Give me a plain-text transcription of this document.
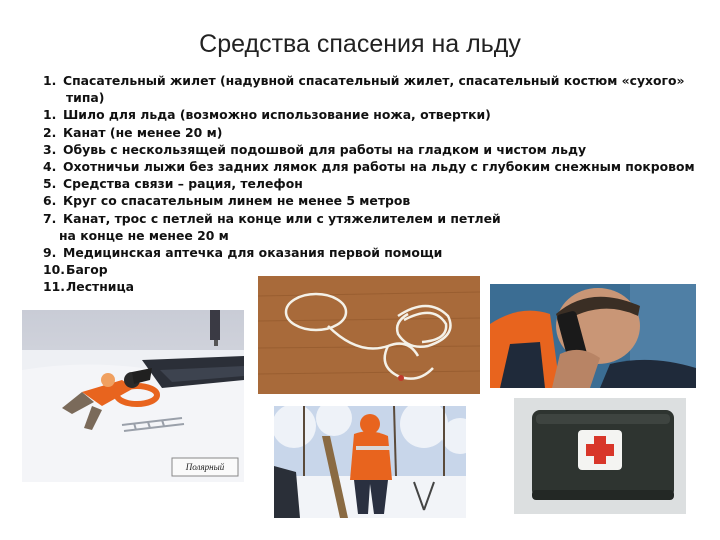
Средства спасения на льду
1. Спасательный жилет (надувной спасательный жилет, спасательный костюм «сухого»
типа)
1. Шило для льда (возможно использование ножа, отвертки)
2. Канат (не менее 20 м)
3. Обувь с нескользящей подошвой для работы на гладком и чистом льду
4. Охотничьи лыжи без задних лямок для работы на льду с глубоким снежным покровом
5. Средства связи – рация, телефон
6. Круг со спасательным линем не менее 5 метров
7. Канат, трос с петлей на конце или с утяжелителем и петлей
на конце не менее 20 м
9. Медицинская аптечка для оказания первой помощи
10.Багор
11.Лестница
Полярный
